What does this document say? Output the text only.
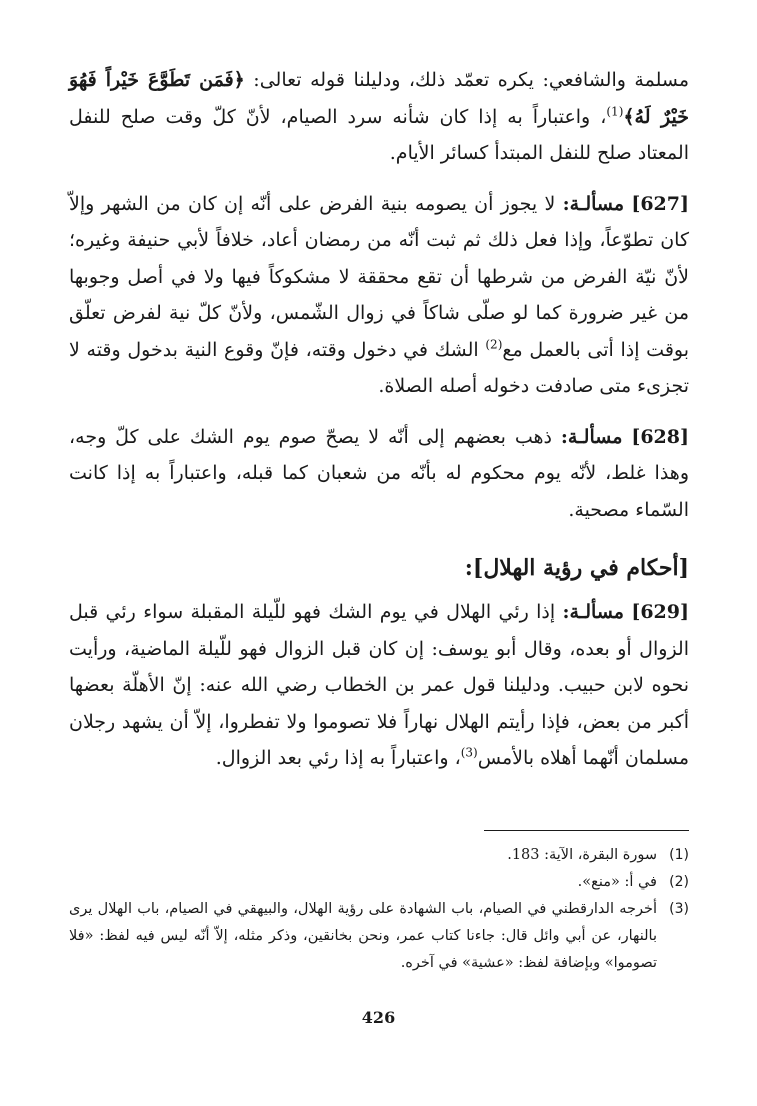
مسلمة والشافعي: يكره تعمّد ذلك، ودليلنا قوله تعالى: ﴿فَمَن تَطَوَّعَ خَيْراً فَهُوَ خَيْرٌ لَهُ﴾$^{(1)}$، واعتباراً به إذا كان شأنه سرد الصيام، لأنّ كلّ وقت صلح للنفل المعتاد صلح للنفل المبتدأ كسائر الأيام.

[627] مسألـة: لا يجوز أن يصومه بنية الفرض على أنّه إن كان من الشهر وإلاّ كان تطوّعاً، وإذا فعل ذلك ثم ثبت أنّه من رمضان أعاد، خلافاً لأبي حنيفة وغيره؛ لأنّ نيّة الفرض من شرطها أن تقع محققة لا مشكوكاً فيها ولا في أصل وجوبها من غير ضرورة كما لو صلّى شاكاً في زوال الشّمس، ولأنّ كلّ نية لفرض تعلّق بوقت إذا أتى بالعمل مع$^{(2)}$ الشك في دخول وقته، فإنّ وقوع النية بدخول وقته لا تجزىء متى صادفت دخوله أصله الصلاة.

[628] مسألـة: ذهب بعضهم إلى أنّه لا يصحّ صوم يوم الشك على كلّ وجه، وهذا غلط، لأنّه يوم محكوم له بأنّه من شعبان كما قبله، واعتباراً به إذا كانت السّماء مصحية.

[أحكام في رؤية الهلال]:

[629] مسألـة: إذا رئي الهلال في يوم الشك فهو للّيلة المقبلة سواء رئي قبل الزوال أو بعده، وقال أبو يوسف: إن كان قبل الزوال فهو للّيلة الماضية، ورأيت نحوه لابن حبيب. ودليلنا قول عمر بن الخطاب رضي الله عنه: إنّ الأهلّة بعضها أكبر من بعض، فإذا رأيتم الهلال نهاراً فلا تصوموا ولا تفطروا، إلاّ أن يشهد رجلان مسلمان أنّهما أهلاه بالأمس$^{(3)}$، واعتباراً به إذا رئي بعد الزوال.

(1)
سورة البقرة، الآية: 183.
(2)
في أ: «منع».
(3)
أخرجه الدارقطني في الصيام، باب الشهادة على رؤية الهلال، والبيهقي في الصيام، باب الهلال يرى بالنهار، عن أبي وائل قال: جاءنا كتاب عمر، ونحن بخانقين، وذكر مثله، إلاّ أنّه ليس فيه لفظ: «فلا تصوموا» وبإضافة لفظ: «عشية» في آخره.
426
